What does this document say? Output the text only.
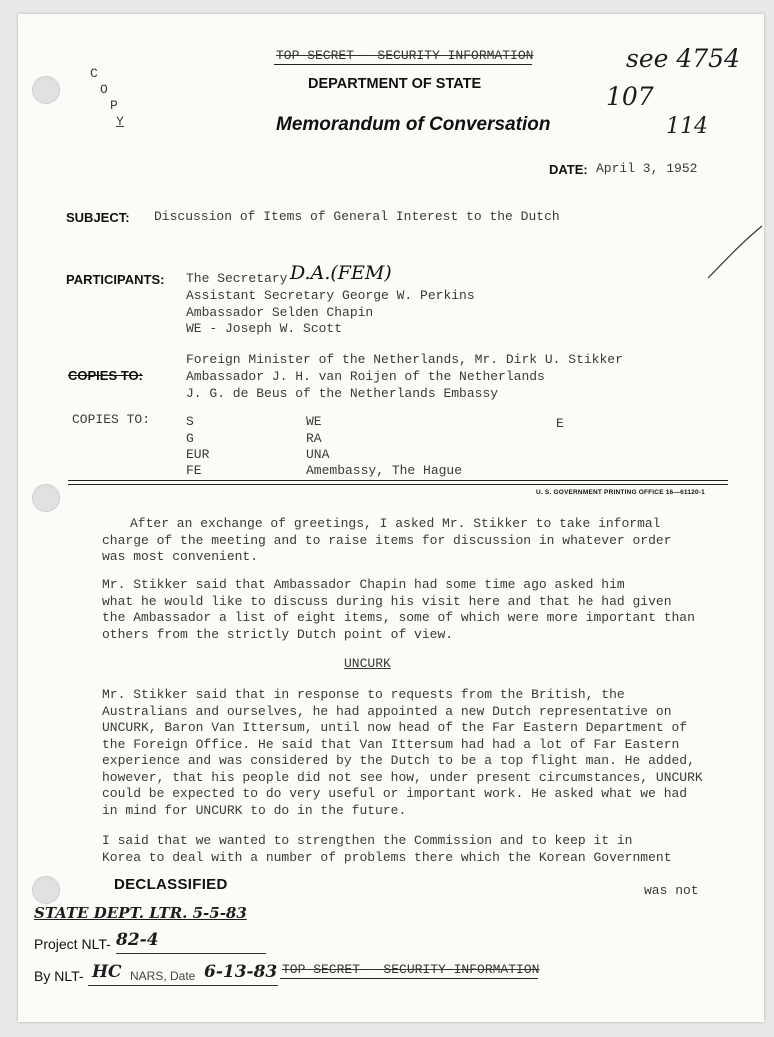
C
O
P
Y
TOP SECRET - SECURITY INFORMATION
DEPARTMENT OF STATE
Memorandum of Conversation
see 4754
107
114
DATE: April 3, 1952
SUBJECT: Discussion of Items of General Interest to the Dutch
PARTICIPANTS: The Secretary D.A.(FEM)
Assistant Secretary George W. Perkins
Ambassador Selden Chapin
WE - Joseph W. Scott
Foreign Minister of the Netherlands, Mr. Dirk U. Stikker
Ambassador J. H. van Roijen of the Netherlands
J. G. de Beus of the Netherlands Embassy
COPIES TO:
COPIES TO:	S
G
EUR
FE
WE
RA
UNA
Amembassy, The Hague
E
U. S. GOVERNMENT PRINTING OFFICE 16—61120-1
After an exchange of greetings, I asked Mr. Stikker to take informal
charge of the meeting and to raise items for discussion in whatever order
was most convenient.
Mr. Stikker said that Ambassador Chapin had some time ago asked him
what he would like to discuss during his visit here and that he had given
the Ambassador a list of eight items, some of which were more important than
others from the strictly Dutch point of view.
UNCURK
Mr. Stikker said that in response to requests from the British, the
Australians and ourselves, he had appointed a new Dutch representative on
UNCURK, Baron Van Ittersum, until now head of the Far Eastern Department of
the Foreign Office. He said that Van Ittersum had had a lot of Far Eastern
experience and was considered by the Dutch to be a top flight man. He added,
however, that his people did not see how, under present circumstances, UNCURK
could be expected to do very useful or important work. He asked what we had
in mind for UNCURK to do in the future.
I said that we wanted to strengthen the Commission and to keep it in
Korea to deal with a number of problems there which the Korean Government
was not
DECLASSIFIED
STATE DEPT. LTR. 5-5-83
Project NLT- 82-4
By NLT- HC NARS, Date 6-13-83 TOP SECRET - SECURITY INFORMATION
